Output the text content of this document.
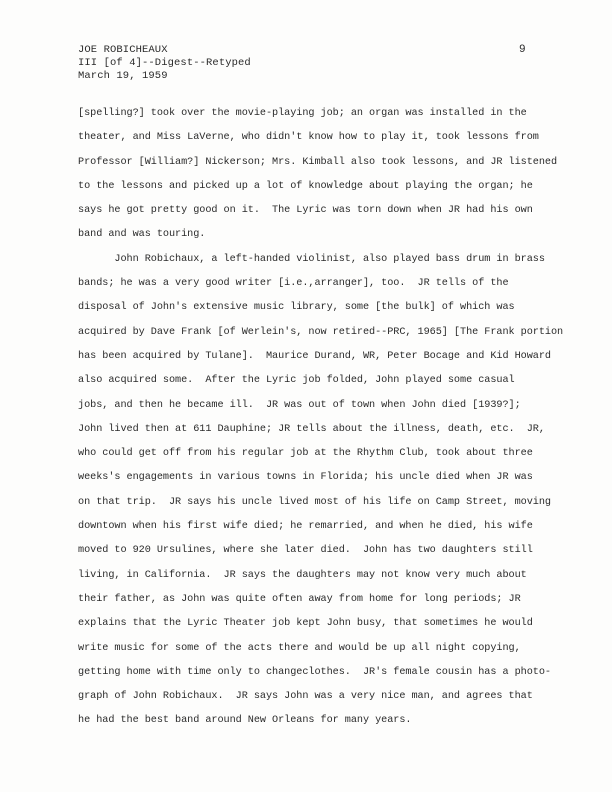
JOE ROBICHEAUX
III [of 4]--Digest--Retyped
March 19, 1959
9
[spelling?] took over the movie-playing job; an organ was installed in the
theater, and Miss LaVerne, who didn't know how to play it, took lessons from
Professor [William?] Nickerson; Mrs. Kimball also took lessons, and JR listened
to the lessons and picked up a lot of knowledge about playing the organ; he
says he got pretty good on it.  The Lyric was torn down when JR had his own
band and was touring.
John Robichaux, a left-handed violinist, also played bass drum in brass
bands; he was a very good writer [i.e.,arranger], too.  JR tells of the
disposal of John's extensive music library, some [the bulk] of which was
acquired by Dave Frank [of Werlein's, now retired--PRC, 1965] [The Frank portion
has been acquired by Tulane].  Maurice Durand, WR, Peter Bocage and Kid Howard
also acquired some.  After the Lyric job folded, John played some casual
jobs, and then he became ill.  JR was out of town when John died [1939?];
John lived then at 611 Dauphine; JR tells about the illness, death, etc.  JR,
who could get off from his regular job at the Rhythm Club, took about three
weeks's engagements in various towns in Florida; his uncle died when JR was
on that trip.  JR says his uncle lived most of his life on Camp Street, moving
downtown when his first wife died; he remarried, and when he died, his wife
moved to 920 Ursulines, where she later died.  John has two daughters still
living, in California.  JR says the daughters may not know very much about
their father, as John was quite often away from home for long periods; JR
explains that the Lyric Theater job kept John busy, that sometimes he would
write music for some of the acts there and would be up all night copying,
getting home with time only to changeclothes.  JR's female cousin has a photo-
graph of John Robichaux.  JR says John was a very nice man, and agrees that
he had the best band around New Orleans for many years.
